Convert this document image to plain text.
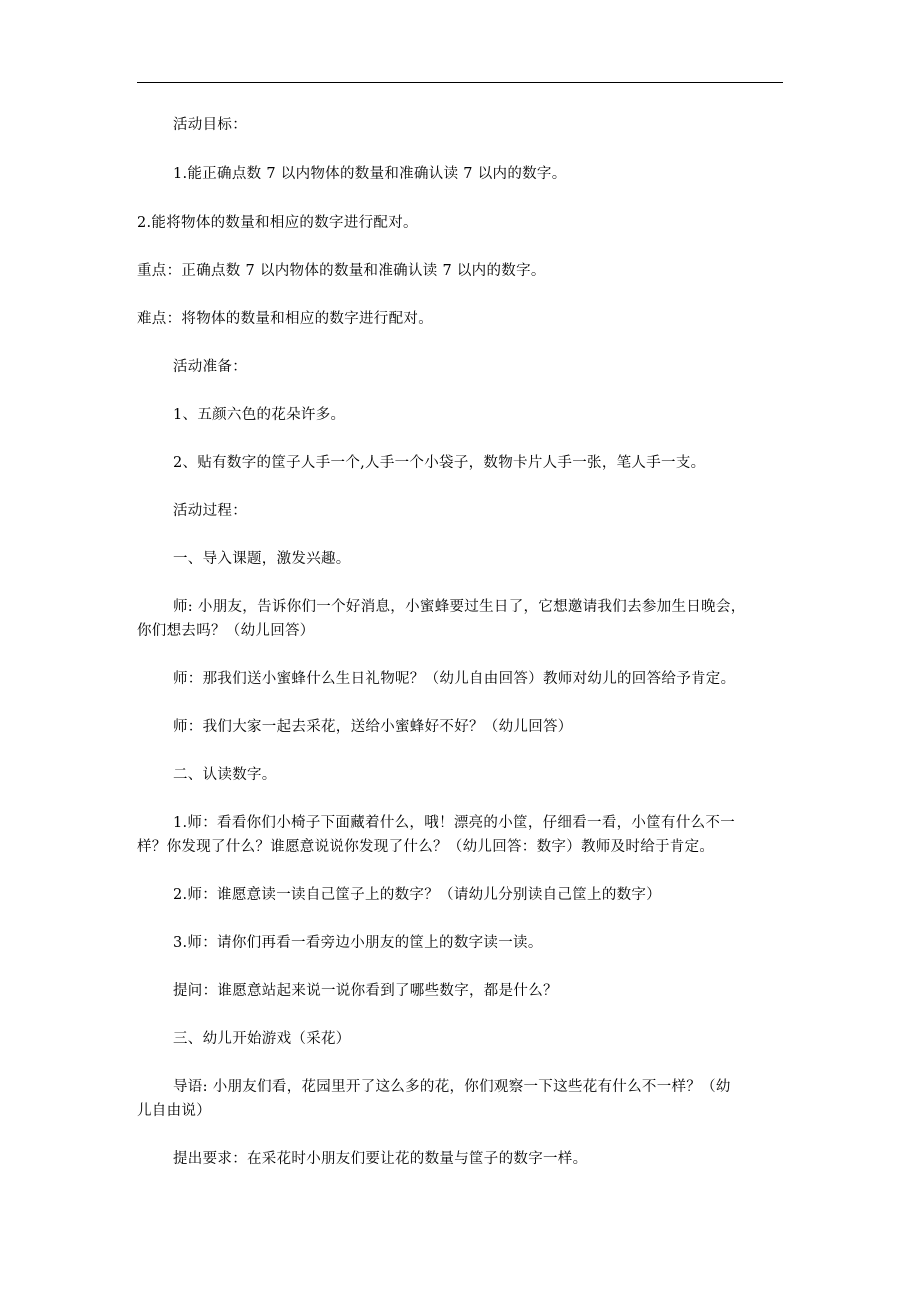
活动目标：

1.能正确点数 7 以内物体的数量和准确认读 7 以内的数字。

2.能将物体的数量和相应的数字进行配对。

重点：正确点数 7 以内物体的数量和准确认读 7 以内的数字。

难点：将物体的数量和相应的数字进行配对。

活动准备：

1、五颜六色的花朵许多。

2、贴有数字的筐子人手一个,人手一个小袋子，数物卡片人手一张，笔人手一支。

活动过程：

一、导入课题，激发兴趣。

师: 小朋友，告诉你们一个好消息，小蜜蜂要过生日了，它想邀请我们去参加生日晚会，

你们想去吗？（幼儿回答）

师：那我们送小蜜蜂什么生日礼物呢？（幼儿自由回答）教师对幼儿的回答给予肯定。

师：我们大家一起去采花，送给小蜜蜂好不好？（幼儿回答）

二、认读数字。

1.师：看看你们小椅子下面藏着什么，哦！漂亮的小筐，仔细看一看，小筐有什么不一

样？你发现了什么？谁愿意说说你发现了什么？（幼儿回答：数字）教师及时给于肯定。

2.师：谁愿意读一读自己筐子上的数字？（请幼儿分别读自己筐上的数字）

3.师：请你们再看一看旁边小朋友的筐上的数字读一读。

提问：谁愿意站起来说一说你看到了哪些数字，都是什么？

三、幼儿开始游戏（采花）

导语: 小朋友们看，花园里开了这么多的花，你们观察一下这些花有什么不一样？（幼

儿自由说）

提出要求：在采花时小朋友们要让花的数量与筐子的数字一样。
